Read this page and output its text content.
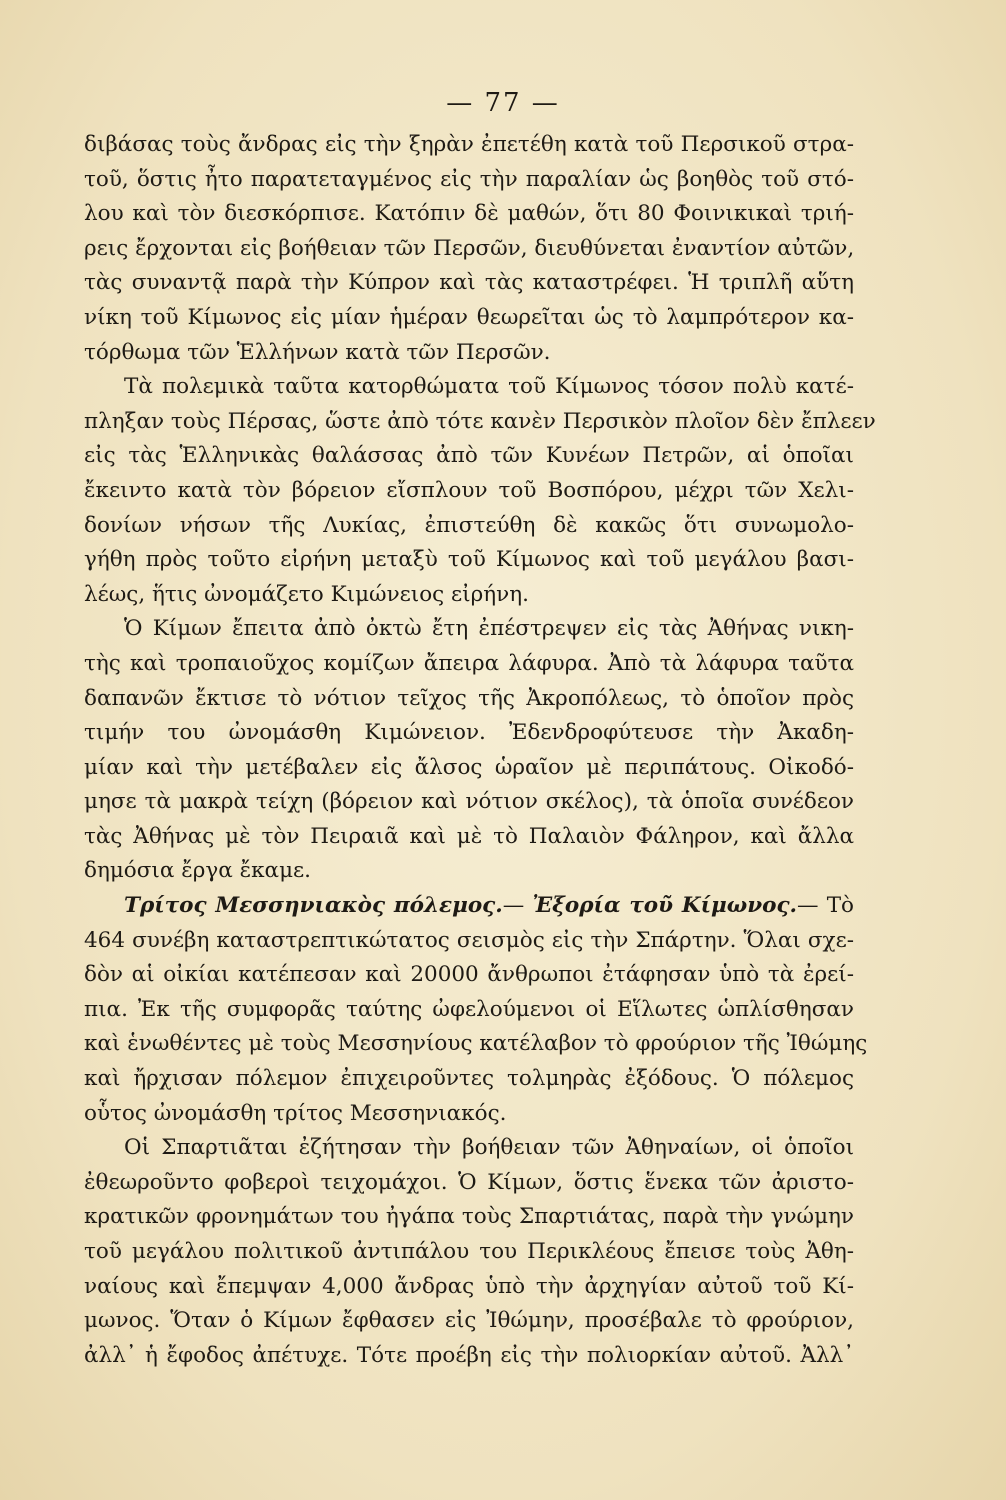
— 77 —
διβάσας τοὺς ἄνδρας εἰς τὴν ξηρὰν ἐπετέθη κατὰ τοῦ Περσικοῦ στρα-
τοῦ, ὅστις ἦτο παρατεταγμένος εἰς τὴν παραλίαν ὡς βοηθὸς τοῦ στό-
λου καὶ τὸν διεσκόρπισε. Κατόπιν δὲ μαθών, ὅτι 80 Φοινικικαὶ τριή-
ρεις ἔρχονται εἰς βοήθειαν τῶν Περσῶν, διευθύνεται ἐναντίον αὐτῶν,
τὰς συναντᾷ παρὰ τὴν Κύπρον καὶ τὰς καταστρέφει. Ἡ τριπλῆ αὕτη
νίκη τοῦ Κίμωνος εἰς μίαν ἡμέραν θεωρεῖται ὡς τὸ λαμπρότερον κα-
τόρθωμα τῶν Ἑλλήνων κατὰ τῶν Περσῶν.
Τὰ πολεμικὰ ταῦτα κατορθώματα τοῦ Κίμωνος τόσον πολὺ κατέ-
πληξαν τοὺς Πέρσας, ὥστε ἀπὸ τότε κανὲν Περσικὸν πλοῖον δὲν ἔπλεεν
εἰς τὰς Ἑλληνικὰς θαλάσσας ἀπὸ τῶν Κυνέων Πετρῶν, αἱ ὁποῖαι
ἔκειντο κατὰ τὸν βόρειον εἴσπλουν τοῦ Βοσπόρου, μέχρι τῶν Χελι-
δονίων νήσων τῆς Λυκίας, ἐπιστεύθη δὲ κακῶς ὅτι συνωμολο-
γήθη πρὸς τοῦτο εἰρήνη μεταξὺ τοῦ Κίμωνος καὶ τοῦ μεγάλου βασι-
λέως, ἥτις ὠνομάζετο Κιμώνειος εἰρήνη.
Ὁ Κίμων ἔπειτα ἀπὸ ὀκτὼ ἔτη ἐπέστρεψεν εἰς τὰς Ἀθήνας νικη-
τὴς καὶ τροπαιοῦχος κομίζων ἄπειρα λάφυρα. Ἀπὸ τὰ λάφυρα ταῦτα
δαπανῶν ἔκτισε τὸ νότιον τεῖχος τῆς Ἀκροπόλεως, τὸ ὁποῖον πρὸς
τιμήν του ὠνομάσθη Κιμώνειον. Ἐδενδροφύτευσε τὴν Ἀκαδη-
μίαν καὶ τὴν μετέβαλεν εἰς ἄλσος ὡραῖον μὲ περιπάτους. Οἰκοδό-
μησε τὰ μακρὰ τείχη (βόρειον καὶ νότιον σκέλος), τὰ ὁποῖα συνέδεον
τὰς Ἀθήνας μὲ τὸν Πειραιᾶ καὶ μὲ τὸ Παλαιὸν Φάληρον, καὶ ἄλλα
δημόσια ἔργα ἔκαμε.
Τρίτος Μεσσηνιακὸς πόλεμος.— Ἐξορία τοῦ Κίμωνος.— Τὸ
464 συνέβη καταστρεπτικώτατος σεισμὸς εἰς τὴν Σπάρτην. Ὅλαι σχε-
δὸν αἱ οἰκίαι κατέπεσαν καὶ 20000 ἄνθρωποι ἐτάφησαν ὑπὸ τὰ ἐρεί-
πια. Ἐκ τῆς συμφορᾶς ταύτης ὠφελούμενοι οἱ Εἵλωτες ὡπλίσθησαν
καὶ ἑνωθέντες μὲ τοὺς Μεσσηνίους κατέλαβον τὸ φρούριον τῆς Ἰθώμης
καὶ ἤρχισαν πόλεμον ἐπιχειροῦντες τολμηρὰς ἐξόδους. Ὁ πόλεμος
οὗτος ὠνομάσθη τρίτος Μεσσηνιακός.
Οἱ Σπαρτιᾶται ἐζήτησαν τὴν βοήθειαν τῶν Ἀθηναίων, οἱ ὁποῖοι
ἐθεωροῦντο φοβεροὶ τειχομάχοι. Ὁ Κίμων, ὅστις ἕνεκα τῶν ἀριστο-
κρατικῶν φρονημάτων του ἠγάπα τοὺς Σπαρτιάτας, παρὰ τὴν γνώμην
τοῦ μεγάλου πολιτικοῦ ἀντιπάλου του Περικλέους ἔπεισε τοὺς Ἀθη-
ναίους καὶ ἔπεμψαν 4,000 ἄνδρας ὑπὸ τὴν ἀρχηγίαν αὐτοῦ τοῦ Κί-
μωνος. Ὅταν ὁ Κίμων ἔφθασεν εἰς Ἰθώμην, προσέβαλε τὸ φρούριον,
ἀλλ᾿ ἡ ἔφοδος ἀπέτυχε. Τότε προέβη εἰς τὴν πολιορκίαν αὐτοῦ. Ἀλλ᾿
